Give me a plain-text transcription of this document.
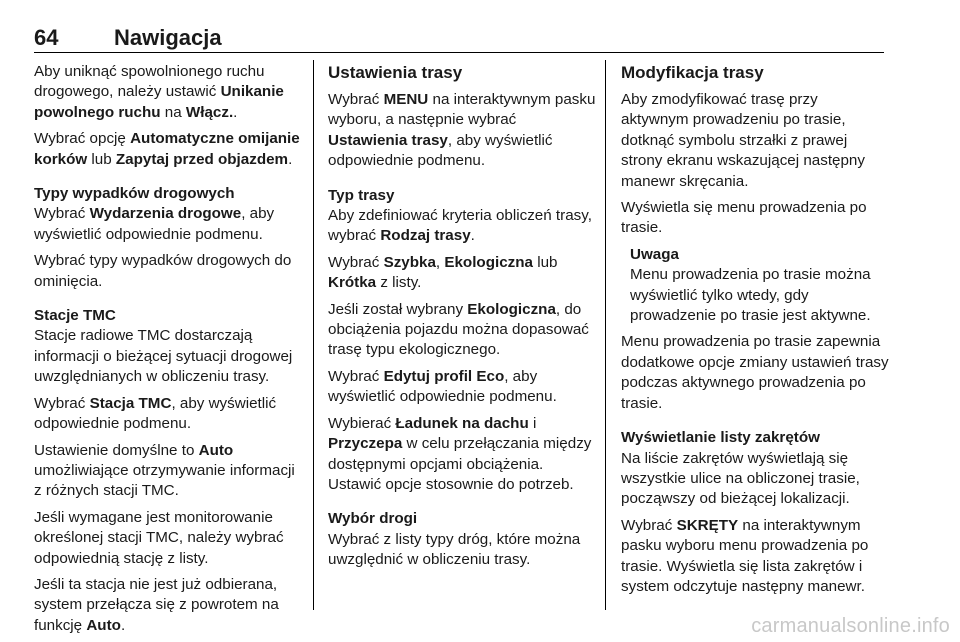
64	Nawigacja

Aby uniknąć spowolnionego ruchu drogowego, należy ustawić Unikanie powolnego ruchu na Włącz..

Wybrać opcję Automatyczne omijanie korków lub Zapytaj przed objazdem.

Typy wypadków drogowych
Wybrać Wydarzenia drogowe, aby wyświetlić odpowiednie podmenu.

Wybrać typy wypadków drogowych do ominięcia.

Stacje TMC
Stacje radiowe TMC dostarczają informacji o bieżącej sytuacji drogowej uwzględnianych w obliczeniu trasy.

Wybrać Stacja TMC, aby wyświetlić odpowiednie podmenu.

Ustawienie domyślne to Auto umożliwiające otrzymywanie informacji z różnych stacji TMC.

Jeśli wymagane jest monitorowanie określonej stacji TMC, należy wybrać odpowiednią stację z listy.

Jeśli ta stacja nie jest już odbierana, system przełącza się z powrotem na funkcję Auto.

Ustawienia trasy

Wybrać MENU na interaktywnym pasku wyboru, a następnie wybrać Ustawienia trasy, aby wyświetlić odpowiednie podmenu.

Typ trasy
Aby zdefiniować kryteria obliczeń trasy, wybrać Rodzaj trasy.

Wybrać Szybka, Ekologiczna lub Krótka z listy.

Jeśli został wybrany Ekologiczna, do obciążenia pojazdu można dopasować trasę typu ekologicznego.

Wybrać Edytuj profil Eco, aby wyświetlić odpowiednie podmenu.

Wybierać Ładunek na dachu i Przyczepa w celu przełączania między dostępnymi opcjami obciążenia. Ustawić opcje stosownie do potrzeb.

Wybór drogi
Wybrać z listy typy dróg, które można uwzględnić w obliczeniu trasy.

Modyfikacja trasy

Aby zmodyfikować trasę przy aktywnym prowadzeniu po trasie, dotknąć symbolu strzałki z prawej strony ekranu wskazującej następny manewr skręcania.

Wyświetla się menu prowadzenia po trasie.

Uwaga
Menu prowadzenia po trasie można wyświetlić tylko wtedy, gdy prowadzenie po trasie jest aktywne.

Menu prowadzenia po trasie zapewnia dodatkowe opcje zmiany ustawień trasy podczas aktywnego prowadzenia po trasie.

Wyświetlanie listy zakrętów
Na liście zakrętów wyświetlają się wszystkie ulice na obliczonej trasie, począwszy od bieżącej lokalizacji.

Wybrać SKRĘTY na interaktywnym pasku wyboru menu prowadzenia po trasie. Wyświetla się lista zakrętów i system odczytuje następny manewr.

carmanualsonline.info
